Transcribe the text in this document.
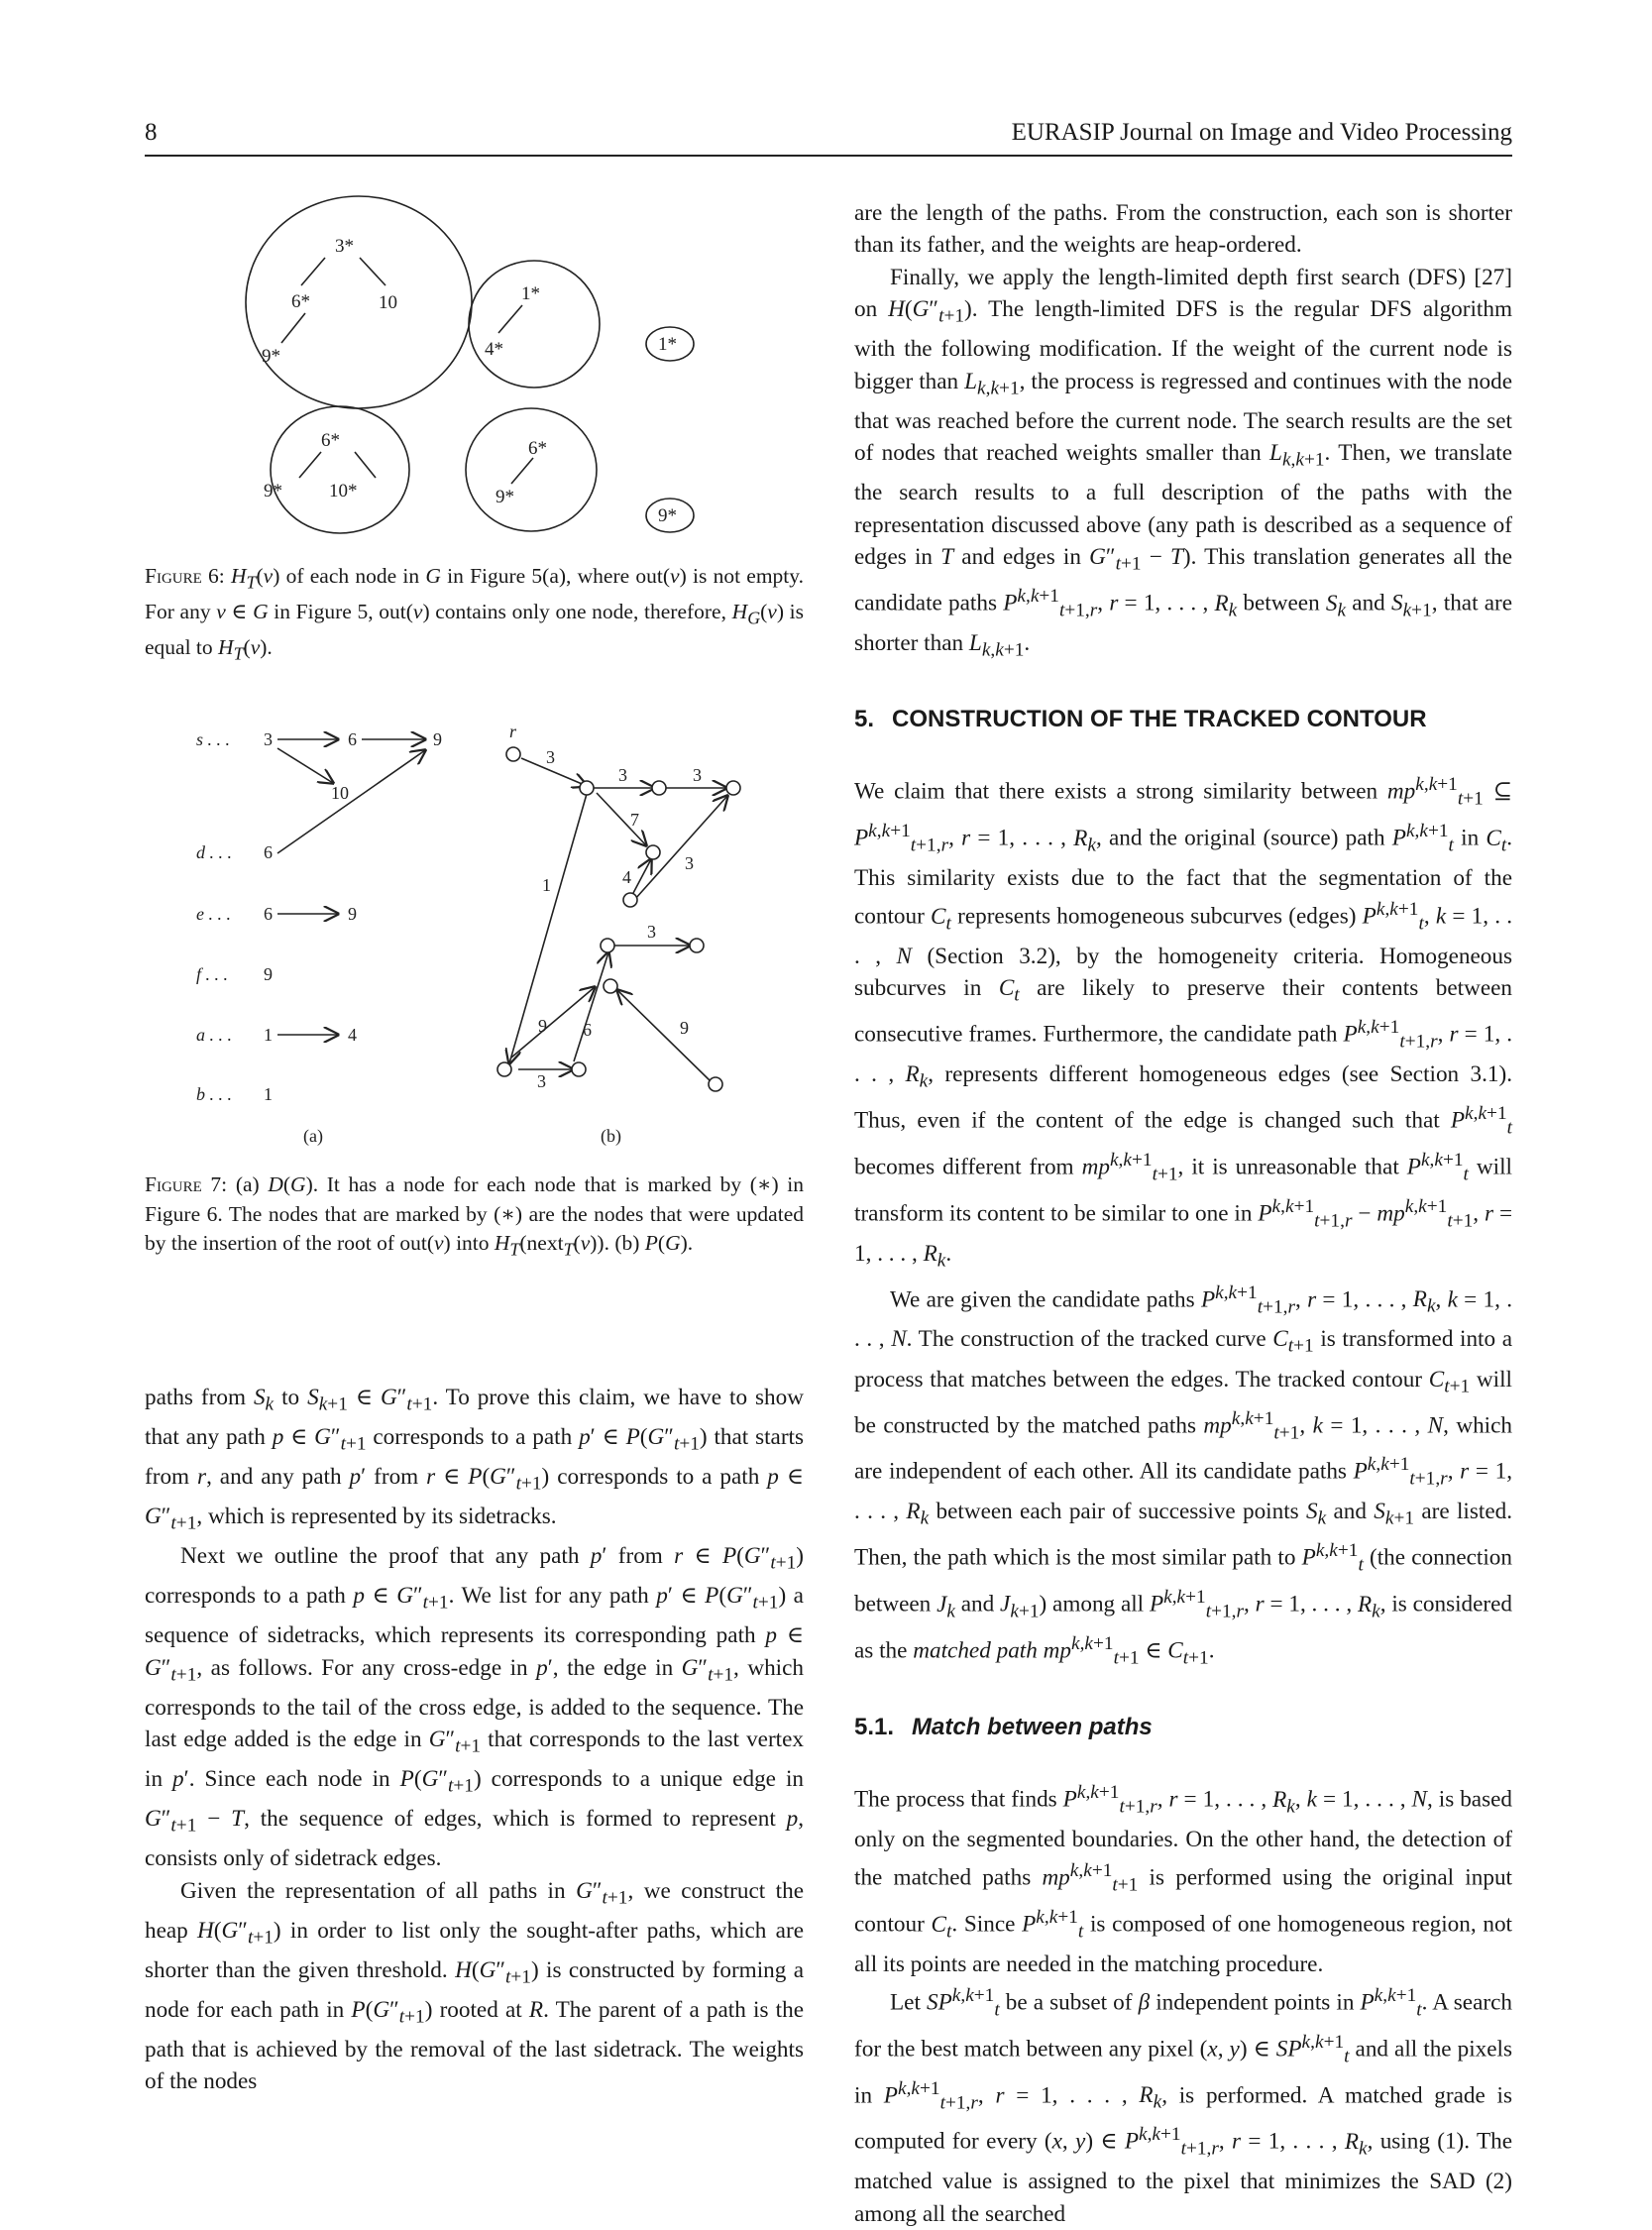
8	EURASIP Journal on Image and Video Processing
3*
6*	10
9*
1*
4*	1*
6*
9* 10*
6*
9*
9*
Figure 6: $H_T(v)$ of each node in G in Figure 5(a), where out(v) is not empty. For any v ∈ G in Figure 5, out(v) contains only one node, therefore, $H_G(v)$ is equal to $H_T(v)$.
s . . . 3	6	9
10
d . . . 6
e . . . 6	9
f . . . 9
a . . . 1	4
b . . . 1
(a)
r
3
3	3
7
4
3
1
3
9 6	9
3
(b)
Figure 7: (a) D(G). It has a node for each node that is marked by (∗) in Figure 6. The nodes that are marked by (∗) are the nodes that were updated by the insertion of the root of out(v) into $H_T(next_T(v))$. (b) P(G).

paths from $S_k$ to $S_{k+1}$ ∈ $G''_{t+1}$. To prove this claim, we have to show that any path p ∈ $G''_{t+1}$ corresponds to a path p′ ∈ $P(G''_{t+1})$ that starts from r, and any path p′ from r ∈ $P(G''_{t+1})$ corresponds to a path p ∈ $G''_{t+1}$, which is represented by its sidetracks.

Next we outline the proof that any path p′ from r ∈ $P(G''_{t+1})$ corresponds to a path p ∈ $G''_{t+1}$. We list for any path p′ ∈ $P(G''_{t+1})$ a sequence of sidetracks, which represents its corresponding path p ∈ $G''_{t+1}$, as follows. For any cross-edge in p′, the edge in $G''_{t+1}$, which corresponds to the tail of the cross edge, is added to the sequence. The last edge added is the edge in $G''_{t+1}$ that corresponds to the last vertex in p′. Since each node in $P(G''_{t+1})$ corresponds to a unique edge in $G''_{t+1} - T$, the sequence of edges, which is formed to represent p, consists only of sidetrack edges.

Given the representation of all paths in $G''_{t+1}$, we construct the heap $H(G''_{t+1})$ in order to list only the sought-after paths, which are shorter than the given threshold. $H(G''_{t+1})$ is constructed by forming a node for each path in $P(G''_{t+1})$ rooted at R. The parent of a path is the path that is achieved by the removal of the last sidetrack. The weights of the nodes

are the length of the paths. From the construction, each son is shorter than its father, and the weights are heap-ordered.

Finally, we apply the length-limited depth first search (DFS) [27] on $H(G''_{t+1})$. The length-limited DFS is the regular DFS algorithm with the following modification. If the weight of the current node is bigger than $L_{k,k+1}$, the process is regressed and continues with the node that was reached before the current node. The search results are the set of nodes that reached weights smaller than $L_{k,k+1}$. Then, we translate the search results to a full description of the paths with the representation discussed above (any path is described as a sequence of edges in T and edges in $G''_{t+1} - T$). This translation generates all the candidate paths $P^{k,k+1}_{t+1,r}$, r = 1, . . . , $R_k$ between $S_k$ and $S_{k+1}$, that are shorter than $L_{k,k+1}$.

5. CONSTRUCTION OF THE TRACKED CONTOUR

We claim that there exists a strong similarity between $mp^{k,k+1}_{t+1}$ ⊆ $P^{k,k+1}_{t+1,r}$, r = 1, . . . , $R_k$, and the original (source) path $P^{k,k+1}_t$ in $C_t$. This similarity exists due to the fact that the segmentation of the contour $C_t$ represents homogeneous subcurves (edges) $P^{k,k+1}_t$, k = 1, . . . , N (Section 3.2), by the homogeneity criteria. Homogeneous subcurves in $C_t$ are likely to preserve their contents between consecutive frames. Furthermore, the candidate path $P^{k,k+1}_{t+1,r}$, r = 1, . . . , $R_k$, represents different homogeneous edges (see Section 3.1). Thus, even if the content of the edge is changed such that $P^{k,k+1}_t$ becomes different from $mp^{k,k+1}_{t+1}$, it is unreasonable that $P^{k,k+1}_t$ will transform its content to be similar to one in $P^{k,k+1}_{t+1,r} - mp^{k,k+1}_{t+1}$, r = 1, . . . , $R_k$.

We are given the candidate paths $P^{k,k+1}_{t+1,r}$, r = 1, . . . , $R_k$, k = 1, . . . , N. The construction of the tracked curve $C_{t+1}$ is transformed into a process that matches between the edges. The tracked contour $C_{t+1}$ will be constructed by the matched paths $mp^{k,k+1}_{t+1}$, k = 1, . . . , N, which are independent of each other. All its candidate paths $P^{k,k+1}_{t+1,r}$, r = 1, . . . , $R_k$ between each pair of successive points $S_k$ and $S_{k+1}$ are listed. Then, the path which is the most similar path to $P^{k,k+1}_t$ (the connection between $J_k$ and $J_{k+1}$) among all $P^{k,k+1}_{t+1,r}$, r = 1, . . . , $R_k$, is considered as the matched path $mp^{k,k+1}_{t+1}$ ∈ $C_{t+1}$.

5.1. Match between paths

The process that finds $P^{k,k+1}_{t+1,r}$, r = 1, . . . , $R_k$, k = 1, . . . , N, is based only on the segmented boundaries. On the other hand, the detection of the matched paths $mp^{k,k+1}_{t+1}$ is performed using the original input contour $C_t$. Since $P^{k,k+1}_t$ is composed of one homogeneous region, not all its points are needed in the matching procedure.

Let $SP^{k,k+1}_t$ be a subset of β independent points in $P^{k,k+1}_t$. A search for the best match between any pixel (x, y) ∈ $SP^{k,k+1}_t$ and all the pixels in $P^{k,k+1}_{t+1,r}$, r = 1, . . . , $R_k$, is performed. A matched grade is computed for every (x, y) ∈ $P^{k,k+1}_{t+1,r}$, r = 1, . . . , $R_k$, using (1). The matched value is assigned to the pixel that minimizes the SAD (2) among all the searched
